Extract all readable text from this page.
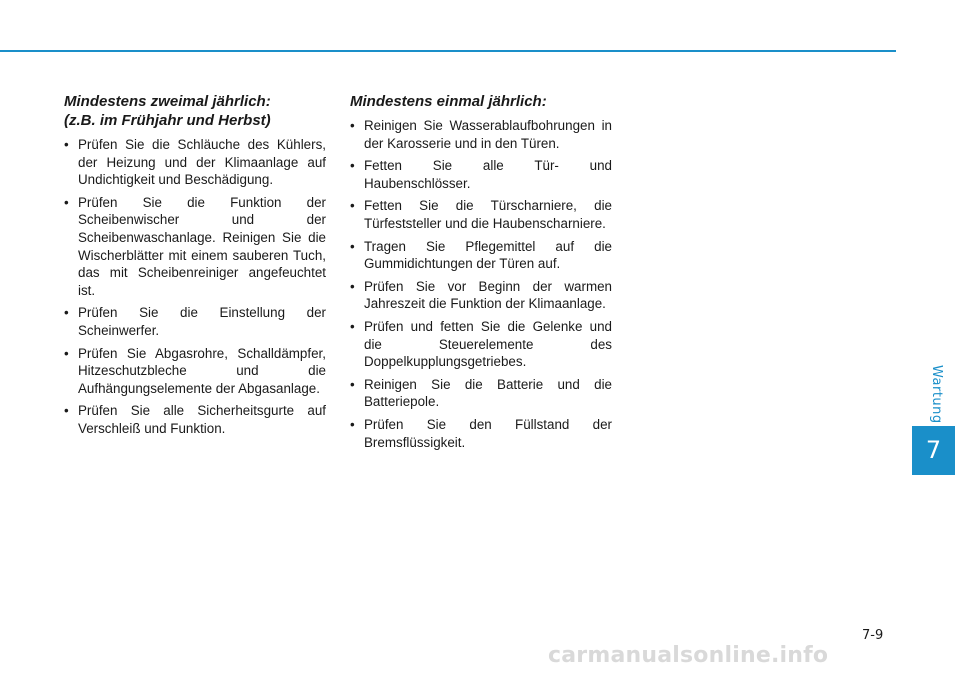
Mindestens zweimal jährlich:
(z.B. im Frühjahr und Herbst)
• Prüfen Sie die Schläuche des Kühlers, der Heizung und der Klimaanlage auf Undichtigkeit und Beschädigung.
• Prüfen Sie die Funktion der Scheibenwischer und der Scheibenwaschanlage. Reinigen Sie die Wischerblätter mit einem sauberen Tuch, das mit Scheibenreiniger angefeuchtet ist.
• Prüfen Sie die Einstellung der Scheinwerfer.
• Prüfen Sie Abgasrohre, Schalldämpfer, Hitzeschutzbleche und die Aufhängungselemente der Abgasanlage.
• Prüfen Sie alle Sicherheitsgurte auf Verschleiß und Funktion.
Mindestens einmal jährlich:
• Reinigen Sie Wasserablaufbohrungen in der Karosserie und in den Türen.
• Fetten Sie alle Tür- und Haubenschlösser.
• Fetten Sie die Türscharniere, die Türfeststeller und die Haubenscharniere.
• Tragen Sie Pflegemittel auf die Gummidichtungen der Türen auf.
• Prüfen Sie vor Beginn der warmen Jahreszeit die Funktion der Klimaanlage.
• Prüfen und fetten Sie die Gelenke und die Steuerelemente des Doppelkupplungsgetriebes.
• Reinigen Sie die Batterie und die Batteriepole.
• Prüfen Sie den Füllstand der Bremsflüssigkeit.
Wartung
7
7-9
carmanualsonline.info
